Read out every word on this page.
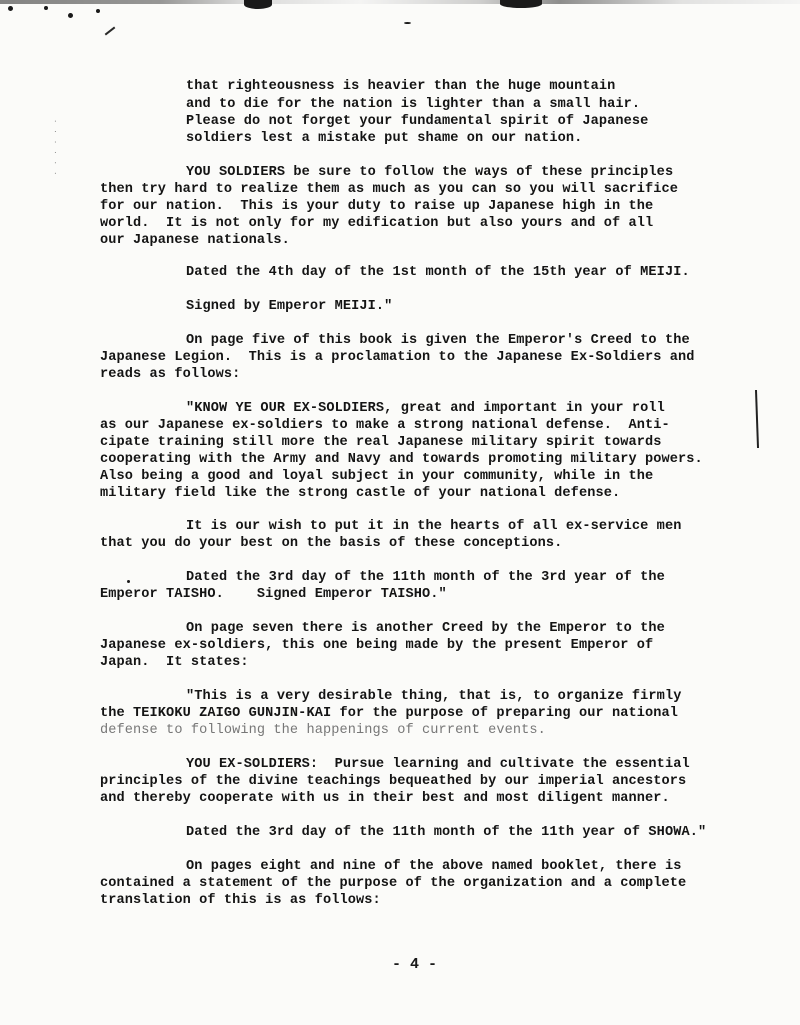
· · · · · ·
that righteousness is heavier than the huge mountain
and to die for the nation is lighter than a small hair.
Please do not forget your fundamental spirit of Japanese
soldiers lest a mistake put shame on our nation.
YOU SOLDIERS be sure to follow the ways of these principles
then try hard to realize them as much as you can so you will sacrifice
for our nation.  This is your duty to raise up Japanese high in the
world.  It is not only for my edification but also yours and of all
our Japanese nationals.
Dated the 4th day of the 1st month of the 15th year of MEIJI.
Signed by Emperor MEIJI."
On page five of this book is given the Emperor's Creed to the
Japanese Legion.  This is a proclamation to the Japanese Ex-Soldiers and
reads as follows:
"KNOW YE OUR EX-SOLDIERS, great and important in your roll
as our Japanese ex-soldiers to make a strong national defense.  Anti-
cipate training still more the real Japanese military spirit towards
cooperating with the Army and Navy and towards promoting military powers.
Also being a good and loyal subject in your community, while in the
military field like the strong castle of your national defense.
It is our wish to put it in the hearts of all ex-service men
that you do your best on the basis of these conceptions.
Dated the 3rd day of the 11th month of the 3rd year of the
Emperor TAISHO.    Signed Emperor TAISHO."
On page seven there is another Creed by the Emperor to the
Japanese ex-soldiers, this one being made by the present Emperor of
Japan.  It states:
"This is a very desirable thing, that is, to organize firmly
the TEIKOKU ZAIGO GUNJIN-KAI for the purpose of preparing our national
defense to following the happenings of current events.
YOU EX-SOLDIERS:  Pursue learning and cultivate the essential
principles of the divine teachings bequeathed by our imperial ancestors
and thereby cooperate with us in their best and most diligent manner.
Dated the 3rd day of the 11th month of the 11th year of SHOWA."
On pages eight and nine of the above named booklet, there is
contained a statement of the purpose of the organization and a complete
translation of this is as follows:
- 4 -
